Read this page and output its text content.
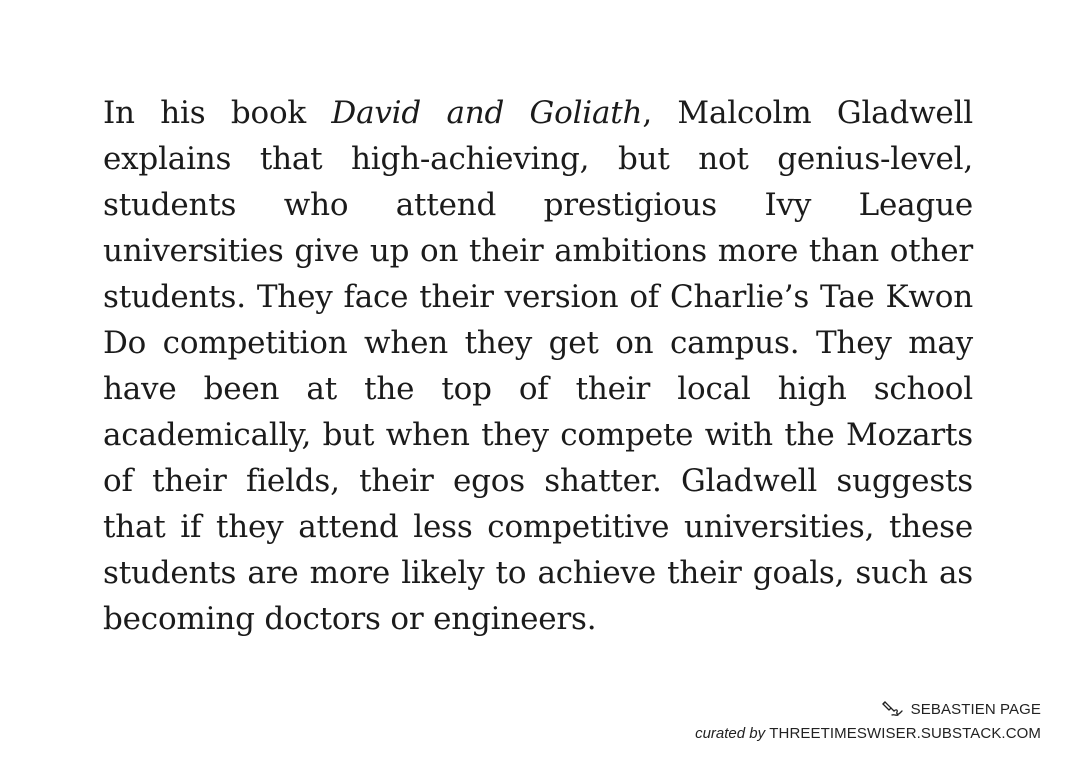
In his book David and Goliath, Malcolm Gladwell explains that high-achieving, but not genius-level, students who attend prestigious Ivy League universities give up on their ambitions more than other students. They face their version of Charlie’s Tae Kwon Do competition when they get on campus. They may have been at the top of their local high school academically, but when they compete with the Mozarts of their fields, their egos shatter. Gladwell suggests that if they attend less competitive universities, these students are more likely to achieve their goals, such as becoming doctors or engineers.

SEBASTIEN PAGE
curated by THREETIMESWISER.SUBSTACK.COM
